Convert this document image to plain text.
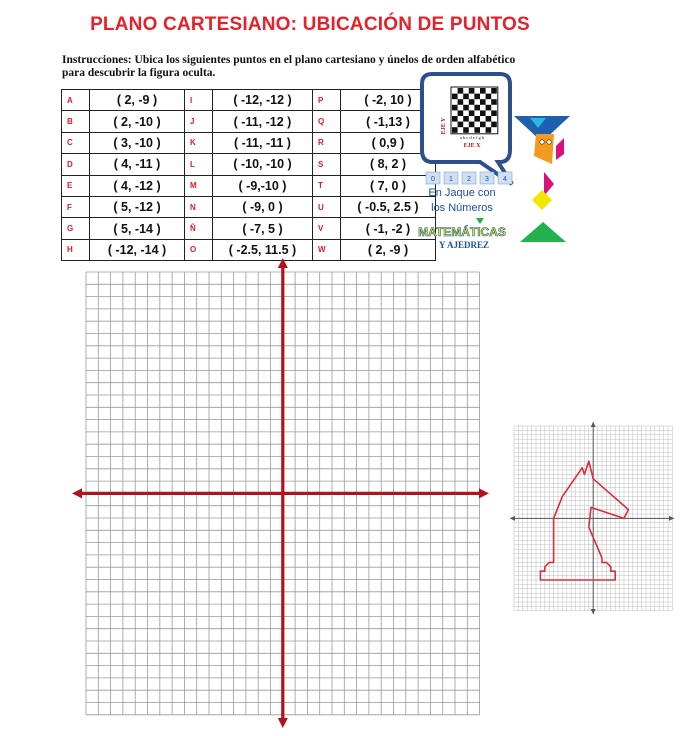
PLANO CARTESIANO: UBICACIÓN DE PUNTOS
Instrucciones: Ubica los siguientes puntos en el plano cartesiano y únelos de orden alfabético
para descubrir la figura oculta.
A	( 2, -9 )	I	( -12, -12 )	P	( -2, 10 )
B	( 2, -10 )	J	( -11, -12 )	Q	( -1,13 )
C	( 3, -10 )	K	( -11, -11 )	R	( 0,9 )
D	( 4, -11 )	L	( -10, -10 )	S	( 8, 2 )
E	( 4, -12 )	M	( -9,-10 )	T	( 7, 0 )
F	( 5, -12 )	N	( -9, 0 )	U	( -0.5, 2.5 )
G	( 5, -14 )	Ñ	( -7, 5 )	V	( -1, -2 )
H	( -12, -14 )	O	( -2.5, 11.5 )	W	( 2, -9 )
EJE Y
a b c d e f g h
EJE X
0 1 2 3 4
En Jaque con
los Números
MATEMÁTICAS
Y AJEDREZ
